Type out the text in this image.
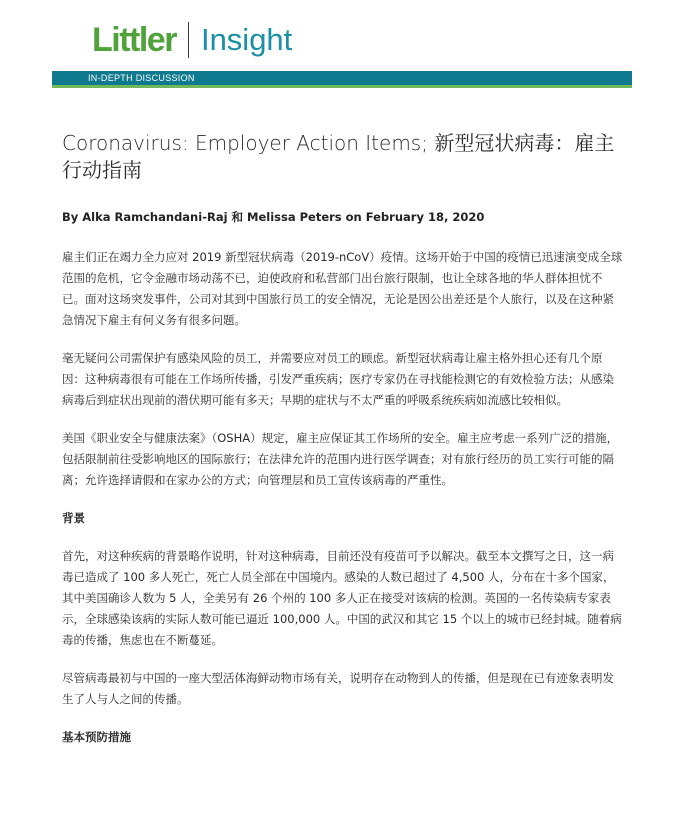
Littler Insight
IN-DEPTH DISCUSSION
Coronavirus: Employer Action Items; 新型冠状病毒：雇主行动指南
By Alka Ramchandani-Raj 和 Melissa Peters on February 18, 2020

雇主们正在竭力全力应对 2019 新型冠状病毒（2019-nCoV）疫情。这场开始于中国的疫情已迅速演变成全球范围的危机，它令金融市场动荡不已，迫使政府和私营部门出台旅行限制，也让全球各地的华人群体担忧不已。面对这场突发事件，公司对其到中国旅行员工的安全情况，无论是因公出差还是个人旅行，以及在这种紧急情况下雇主有何义务有很多问题。

毫无疑问公司需保护有感染风险的员工，并需要应对员工的顾虑。新型冠状病毒让雇主格外担心还有几个原因：这种病毒很有可能在工作场所传播，引发严重疾病；医疗专家仍在寻找能检测它的有效检验方法；从感染病毒后到症状出现前的潜伏期可能有多天；早期的症状与不太严重的呼吸系统疾病如流感比较相似。

美国《职业安全与健康法案》（OSHA）规定，雇主应保证其工作场所的安全。雇主应考虑一系列广泛的措施，包括限制前往受影响地区的国际旅行；在法律允许的范围内进行医学调查；对有旅行经历的员工实行可能的隔离；允许选择请假和在家办公的方式；向管理层和员工宣传该病毒的严重性。

背景

首先，对这种疾病的背景略作说明，针对这种病毒，目前还没有疫苗可予以解决。截至本文撰写之日，这一病毒已造成了 100 多人死亡，死亡人员全部在中国境内。感染的人数已超过了 4,500 人，分布在十多个国家，其中美国确诊人数为 5 人，全美另有 26 个州的 100 多人正在接受对该病的检测。英国的一名传染病专家表示，全球感染该病的实际人数可能已逼近 100,000 人。中国的武汉和其它 15 个以上的城市已经封城。随着病毒的传播，焦虑也在不断蔓延。

尽管病毒最初与中国的一座大型活体海鲜动物市场有关，说明存在动物到人的传播，但是现在已有迹象表明发生了人与人之间的传播。

基本预防措施
